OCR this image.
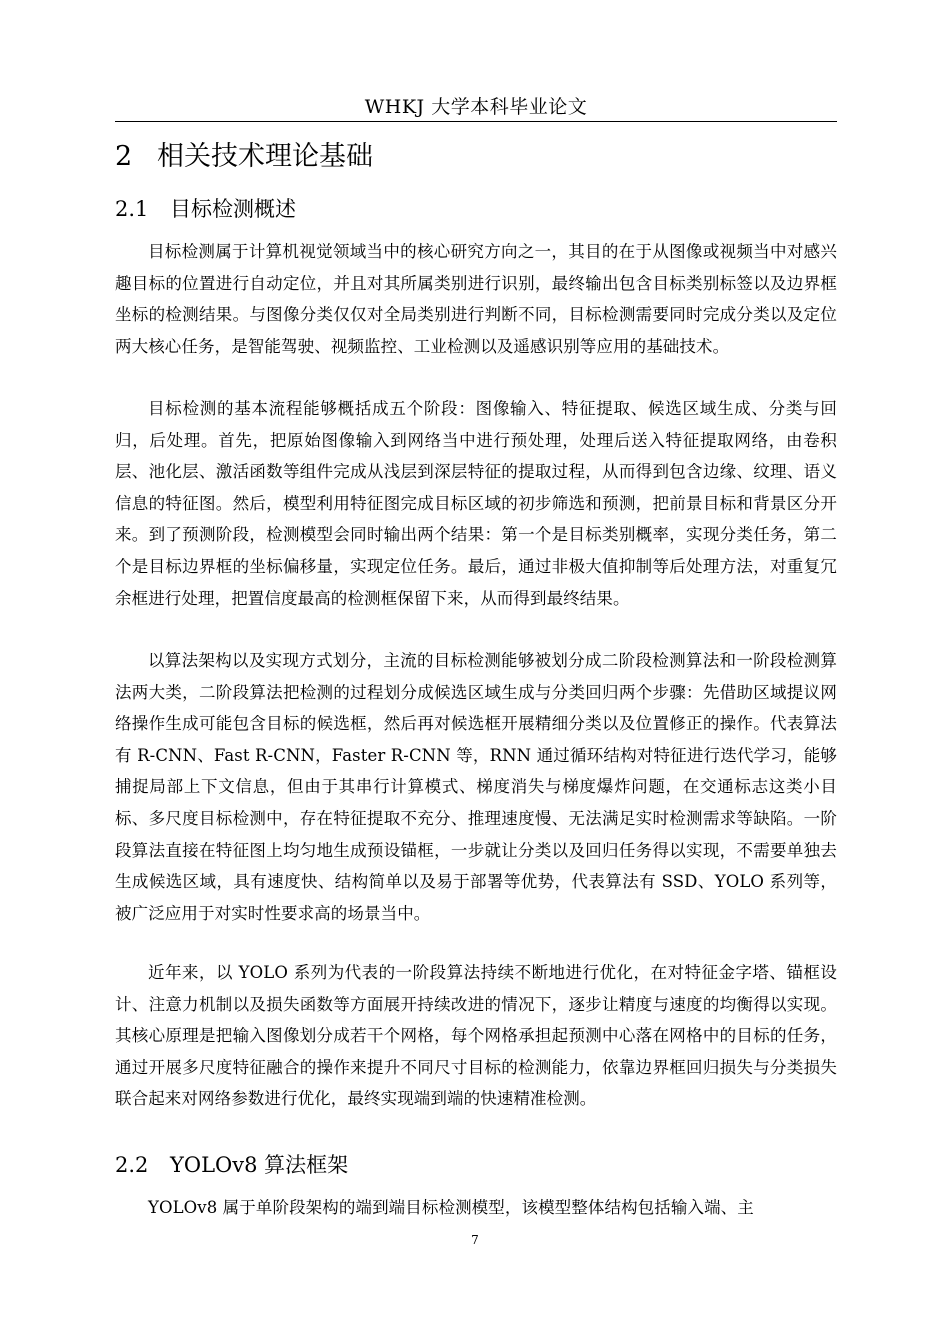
WHKJ 大学本科毕业论文
2 相关技术理论基础
2.1 目标检测概述

目标检测属于计算机视觉领域当中的核心研究方向之一，其目的在于从图像或视频当中对感兴趣目标的位置进行自动定位，并且对其所属类别进行识别，最终输出包含目标类别标签以及边界框坐标的检测结果。与图像分类仅仅对全局类别进行判断不同，目标检测需要同时完成分类以及定位两大核心任务，是智能驾驶、视频监控、工业检测以及遥感识别等应用的基础技术。

目标检测的基本流程能够概括成五个阶段：图像输入、特征提取、候选区域生成、分类与回归，后处理。首先，把原始图像输入到网络当中进行预处理，处理后送入特征提取网络，由卷积层、池化层、激活函数等组件完成从浅层到深层特征的提取过程，从而得到包含边缘、纹理、语义信息的特征图。然后，模型利用特征图完成目标区域的初步筛选和预测，把前景目标和背景区分开来。到了预测阶段，检测模型会同时输出两个结果：第一个是目标类别概率，实现分类任务，第二个是目标边界框的坐标偏移量，实现定位任务。最后，通过非极大值抑制等后处理方法，对重复冗余框进行处理，把置信度最高的检测框保留下来，从而得到最终结果。

以算法架构以及实现方式划分，主流的目标检测能够被划分成二阶段检测算法和一阶段检测算法两大类，二阶段算法把检测的过程划分成候选区域生成与分类回归两个步骤：先借助区域提议网络操作生成可能包含目标的候选框，然后再对候选框开展精细分类以及位置修正的操作。代表算法有 R-CNN、Fast R-CNN，Faster R-CNN 等，RNN 通过循环结构对特征进行迭代学习，能够捕捉局部上下文信息，但由于其串行计算模式、梯度消失与梯度爆炸问题，在交通标志这类小目标、多尺度目标检测中，存在特征提取不充分、推理速度慢、无法满足实时检测需求等缺陷。一阶段算法直接在特征图上均匀地生成预设锚框，一步就让分类以及回归任务得以实现，不需要单独去生成候选区域，具有速度快、结构简单以及易于部署等优势，代表算法有 SSD、YOLO 系列等，被广泛应用于对实时性要求高的场景当中。

近年来，以 YOLO 系列为代表的一阶段算法持续不断地进行优化，在对特征金字塔、锚框设计、注意力机制以及损失函数等方面展开持续改进的情况下，逐步让精度与速度的均衡得以实现。其核心原理是把输入图像划分成若干个网格，每个网格承担起预测中心落在网格中的目标的任务，通过开展多尺度特征融合的操作来提升不同尺寸目标的检测能力，依靠边界框回归损失与分类损失联合起来对网络参数进行优化，最终实现端到端的快速精准检测。

2.2 YOLOv8 算法框架

YOLOv8 属于单阶段架构的端到端目标检测模型，该模型整体结构包括输入端、主

7
